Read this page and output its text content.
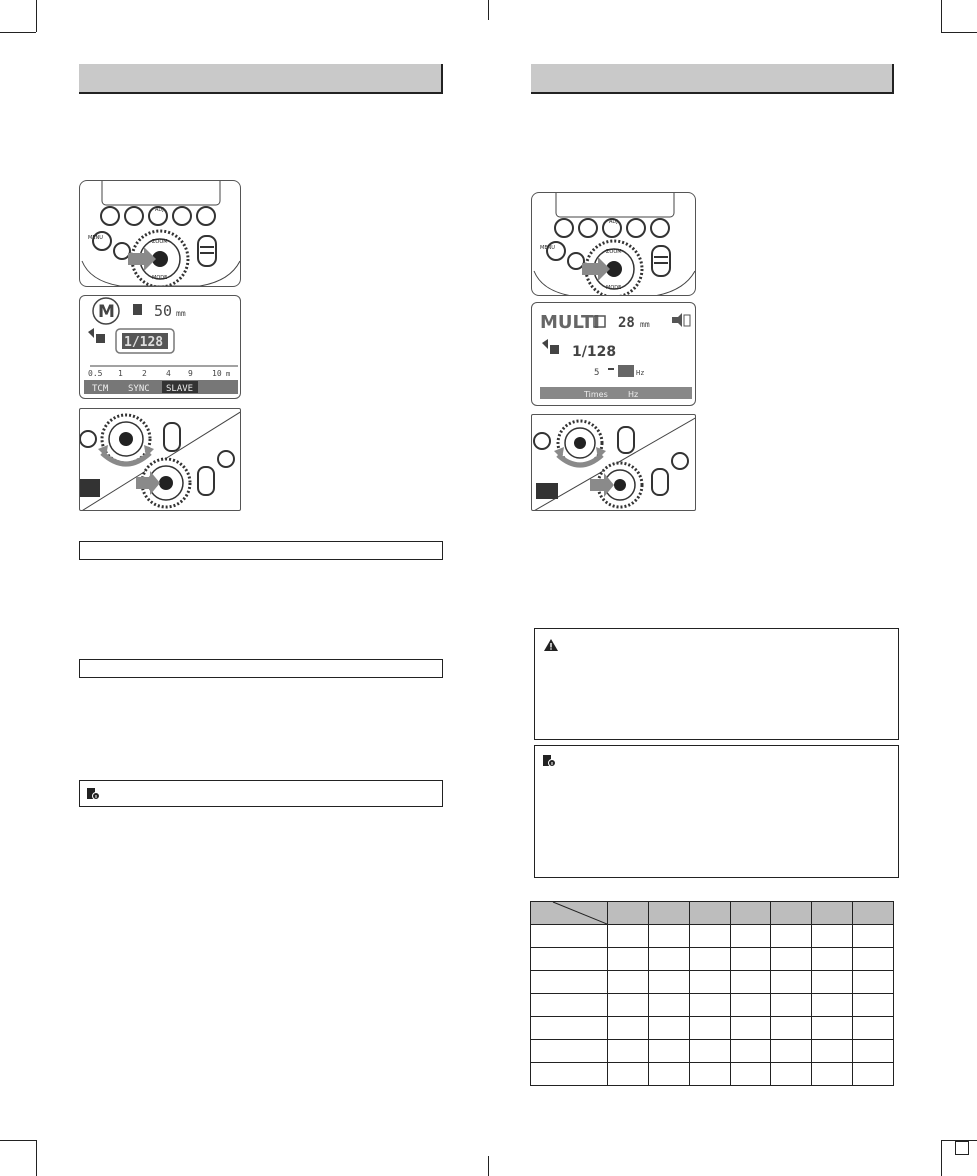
ZOOM
MODE
MENU
ADJ
M	50 mm
1/128
0.5 1 2 4 9 10 m
TCM SYNC SLAVE
ZOOM
MODE
MENU
ADJ
MULTI 28 mm
1/128
5	Hz
Times	Hz
